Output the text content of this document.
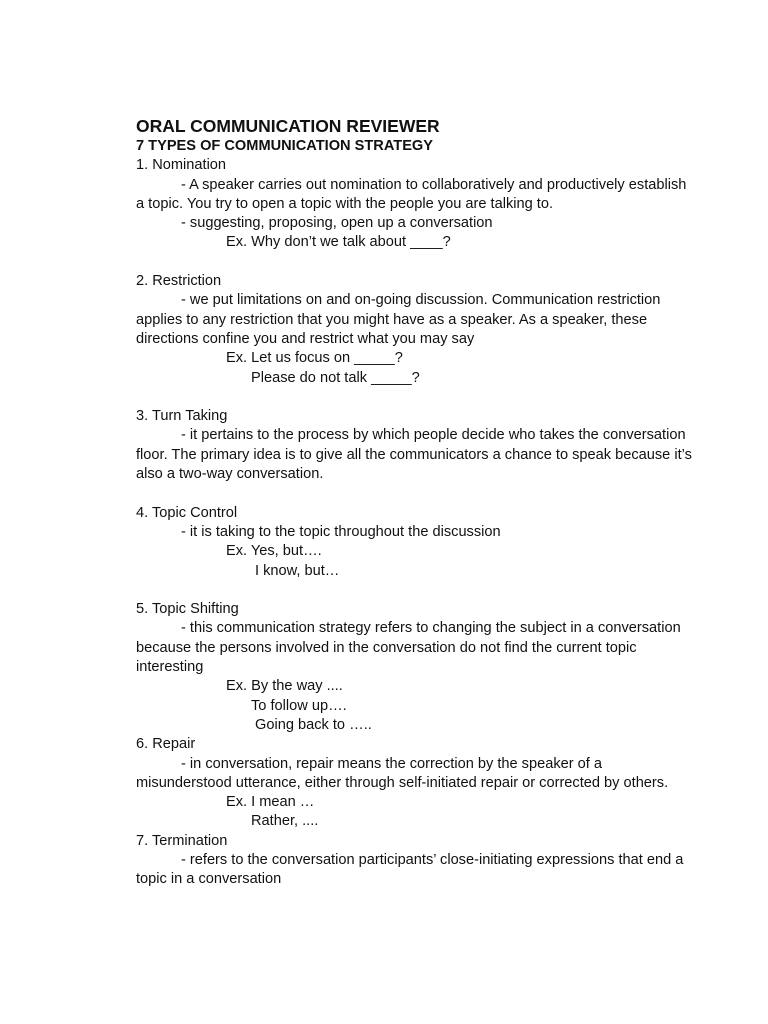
ORAL COMMUNICATION REVIEWER

7 TYPES OF COMMUNICATION STRATEGY

1. Nomination

- A speaker carries out nomination to collaboratively and productively establish a topic. You try to open a topic with the people you are talking to.

- suggesting, proposing, open up a conversation

Ex. Why don’t we talk about ____?

2. Restriction

- we put limitations on and on-going discussion. Communication restriction applies to any restriction that you might have as a speaker. As a speaker, these directions confine you and restrict what you may say

Ex. Let us focus on _____?

Please do not talk _____?

3. Turn Taking

- it pertains to the process by which people decide who takes the conversation floor. The primary idea is to give all the communicators a chance to speak because it’s also a two-way conversation.

4. Topic Control

- it is taking to the topic throughout the discussion

Ex. Yes, but….

I know, but…

5. Topic Shifting

- this communication strategy refers to changing the subject in a conversation because the persons involved in the conversation do not find the current topic interesting

Ex. By the way ....

To follow up….

Going back to …..

6. Repair

- in conversation, repair means the correction by the speaker of a misunderstood utterance, either through self-initiated repair or corrected by others.

Ex. I mean …

Rather, ....

7. Termination

- refers to the conversation participants’ close-initiating expressions that end a topic in a conversation
